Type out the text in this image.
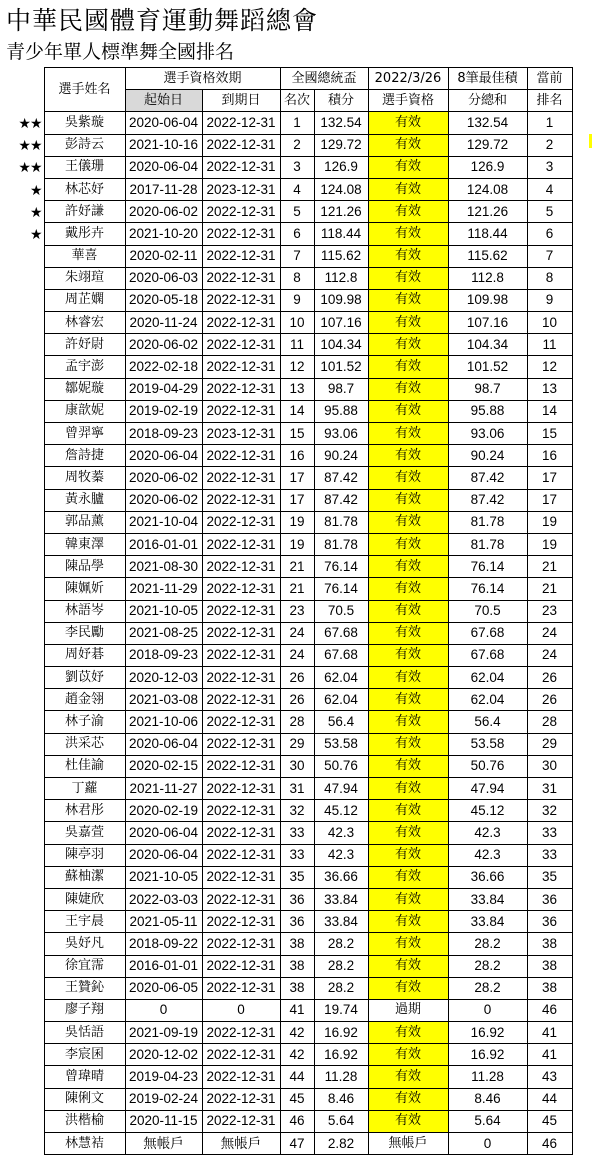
中華民國體育運動舞蹈總會
青少年單人標準舞全國排名
	選手姓名	選手資格效期		全國總統盃		2022/3/26	8筆最佳積	當前
		起始日	到期日	名次	積分	選手資格	分總和	排名
★★	吳紫璇	2020-06-04	2022-12-31	1	132.54	有效	132.54	1
★★	彭詩云	2021-10-16	2022-12-31	2	129.72	有效	129.72	2
★★	王儀珊	2020-06-04	2022-12-31	3	126.9	有效	126.9	3
★	林芯妤	2017-11-28	2023-12-31	4	124.08	有效	124.08	4
★	許妤謙	2020-06-02	2022-12-31	5	121.26	有效	121.26	5
★	戴彤卉	2021-10-20	2022-12-31	6	118.44	有效	118.44	6
	華喜	2020-02-11	2022-12-31	7	115.62	有效	115.62	7
	朱翊瑄	2020-06-03	2022-12-31	8	112.8	有效	112.8	8
	周芷嫻	2020-05-18	2022-12-31	9	109.98	有效	109.98	9
	林睿宏	2020-11-24	2022-12-31	10	107.16	有效	107.16	10
	許妤尉	2020-06-02	2022-12-31	11	104.34	有效	104.34	11
	孟宇澎	2022-02-18	2022-12-31	12	101.52	有效	101.52	12
	鄒妮璇	2019-04-29	2022-12-31	13	98.7	有效	98.7	13
	康歆妮	2019-02-19	2022-12-31	14	95.88	有效	95.88	14
	曾羿寧	2018-09-23	2023-12-31	15	93.06	有效	93.06	15
	詹詩捷	2020-06-04	2022-12-31	16	90.24	有效	90.24	16
	周牧蓁	2020-06-02	2022-12-31	17	87.42	有效	87.42	17
	黃永臚	2020-06-02	2022-12-31	17	87.42	有效	87.42	17
	郭品薰	2021-10-04	2022-12-31	19	81.78	有效	81.78	19
	韓東澤	2016-01-01	2022-12-31	19	81.78	有效	81.78	19
	陳品學	2021-08-30	2022-12-31	21	76.14	有效	76.14	21
	陳姵妡	2021-11-29	2022-12-31	21	76.14	有效	76.14	21
	林語岑	2021-10-05	2022-12-31	23	70.5	有效	70.5	23
	李民勵	2021-08-25	2022-12-31	24	67.68	有效	67.68	24
	周妤碁	2018-09-23	2022-12-31	24	67.68	有效	67.68	24
	劉苡妤	2020-12-03	2022-12-31	26	62.04	有效	62.04	26
	趙金翎	2021-03-08	2022-12-31	26	62.04	有效	62.04	26
	林子渝	2021-10-06	2022-12-31	28	56.4	有效	56.4	28
	洪采芯	2020-06-04	2022-12-31	29	53.58	有效	53.58	29
	杜佳諭	2020-02-15	2022-12-31	30	50.76	有效	50.76	30
	丁蘿	2021-11-27	2022-12-31	31	47.94	有效	47.94	31
	林君彤	2020-02-19	2022-12-31	32	45.12	有效	45.12	32
	吳嘉萱	2020-06-04	2022-12-31	33	42.3	有效	42.3	33
	陳亭羽	2020-06-04	2022-12-31	33	42.3	有效	42.3	33
	蘇柚潔	2021-10-05	2022-12-31	35	36.66	有效	36.66	35
	陳婕欣	2022-03-03	2022-12-31	36	33.84	有效	33.84	36
	王宇晨	2021-05-11	2022-12-31	36	33.84	有效	33.84	36
	吳妤凡	2018-09-22	2022-12-31	38	28.2	有效	28.2	38
	徐宜霈	2016-01-01	2022-12-31	38	28.2	有效	28.2	38
	王贊鈊	2020-06-05	2022-12-31	38	28.2	有效	28.2	38
	廖子翔	0	0	41	19.74	過期	0	46
	吳恬語	2021-09-19	2022-12-31	42	16.92	有效	16.92	41
	李宸囷	2020-12-02	2022-12-31	42	16.92	有效	16.92	41
	曾瑋晴	2019-04-23	2022-12-31	44	11.28	有效	11.28	43
	陳俐文	2019-02-24	2022-12-31	45	8.46	有效	8.46	44
	洪楷榆	2020-11-15	2022-12-31	46	5.64	有效	5.64	45
	林慧袺	無帳戶	無帳戶	47	2.82	無帳戶	0	46
